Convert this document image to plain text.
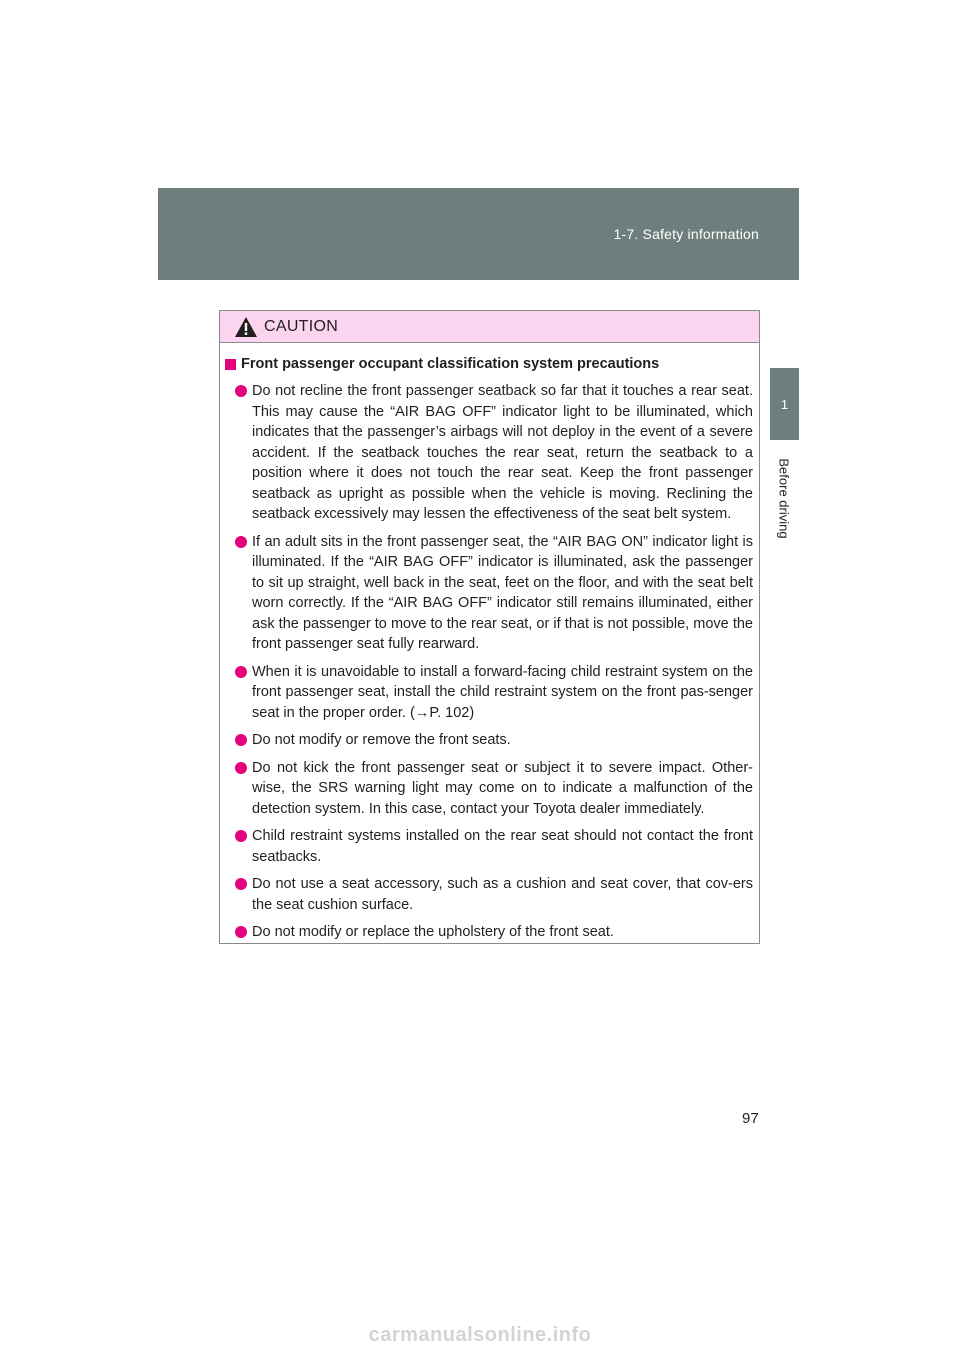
1-7. Safety information
1
Before driving
CAUTION
Front passenger occupant classification system precautions

Do not recline the front passenger seatback so far that it touches a rear seat. This may cause the “AIR BAG OFF” indicator light to be illuminated, which indicates that the passenger’s airbags will not deploy in the event of a severe accident. If the seatback touches the rear seat, return the seatback to a position where it does not touch the rear seat. Keep the front passenger seatback as upright as possible when the vehicle is moving. Reclining the seatback excessively may lessen the effectiveness of the seat belt system.

If an adult sits in the front passenger seat, the “AIR BAG ON” indicator light is illuminated. If the “AIR BAG OFF” indicator is illuminated, ask the passenger to sit up straight, well back in the seat, feet on the floor, and with the seat belt worn correctly. If the “AIR BAG OFF” indicator still remains illuminated, either ask the passenger to move to the rear seat, or if that is not possible, move the front passenger seat fully rearward.

When it is unavoidable to install a forward-facing child restraint system on the front passenger seat, install the child restraint system on the front pas-senger seat in the proper order. (→P. 102)

Do not modify or remove the front seats.

Do not kick the front passenger seat or subject it to severe impact. Other-wise, the SRS warning light may come on to indicate a malfunction of the detection system. In this case, contact your Toyota dealer immediately.

Child restraint systems installed on the rear seat should not contact the front seatbacks.

Do not use a seat accessory, such as a cushion and seat cover, that cov-ers the seat cushion surface.

Do not modify or replace the upholstery of the front seat.

97
carmanualsonline.info
